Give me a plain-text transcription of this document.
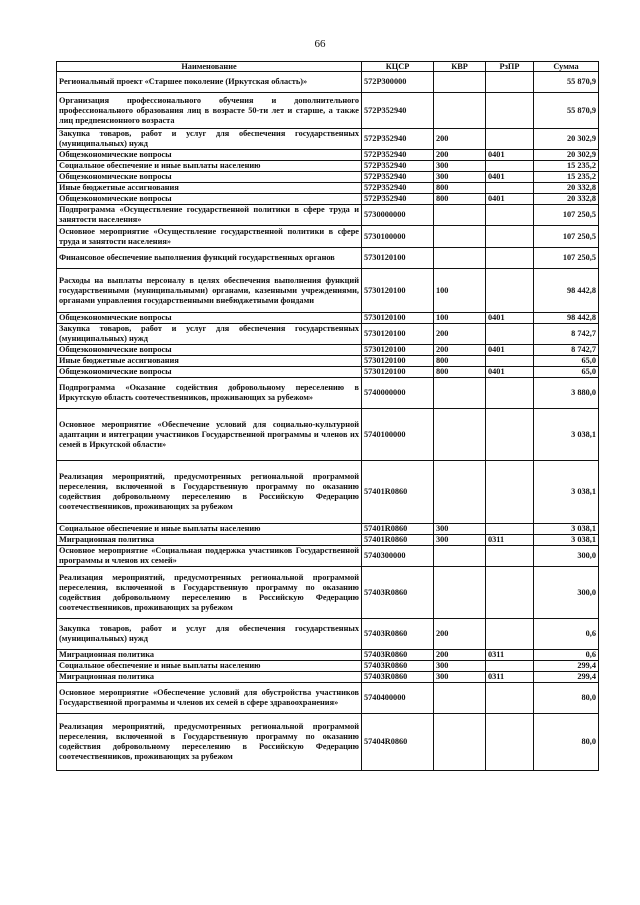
66
Наименование	КЦСР	КВР	РзПР	Сумма
Региональный проект «Старшее поколение (Иркутская область)»	572P300000			55 870,9
Организация профессионального обучения и дополнительного профессионального образования лиц в возрасте 50-ти лет и старше, а также лиц предпенсионного возраста	572P352940			55 870,9
Закупка товаров, работ и услуг для обеспечения государственных (муниципальных) нужд	572P352940	200		20 302,9
Общеэкономические вопросы	572P352940	200	0401	20 302,9
Социальное обеспечение и иные выплаты населению	572P352940	300		15 235,2
Общеэкономические вопросы	572P352940	300	0401	15 235,2
Иные бюджетные ассигнования	572P352940	800		20 332,8
Общеэкономические вопросы	572P352940	800	0401	20 332,8
Подпрограмма «Осуществление государственной политики в сфере труда и занятости населения»	5730000000			107 250,5
Основное мероприятие «Осуществление государственной политики в сфере труда и занятости населения»	5730100000			107 250,5
Финансовое обеспечение выполнения функций государственных органов	5730120100			107 250,5
Расходы на выплаты персоналу в целях обеспечения выполнения функций государственными (муниципальными) органами, казенными учреждениями, органами управления государственными внебюджетными фондами	5730120100	100		98 442,8
Общеэкономические вопросы	5730120100	100	0401	98 442,8
Закупка товаров, работ и услуг для обеспечения государственных (муниципальных) нужд	5730120100	200		8 742,7
Общеэкономические вопросы	5730120100	200	0401	8 742,7
Иные бюджетные ассигнования	5730120100	800		65,0
Общеэкономические вопросы	5730120100	800	0401	65,0
Подпрограмма «Оказание содействия добровольному переселению в Иркутскую область соотечественников, проживающих за рубежом»	5740000000			3 880,0
Основное мероприятие «Обеспечение условий для социально-культурной адаптации и интеграции участников Государственной программы и членов их семей в Иркутской области»	5740100000			3 038,1
Реализация мероприятий, предусмотренных региональной программой переселения, включенной в Государственную программу по оказанию содействия добровольному переселению в Российскую Федерацию соотечественников, проживающих за рубежом	57401R0860			3 038,1
Социальное обеспечение и иные выплаты населению	57401R0860	300		3 038,1
Миграционная политика	57401R0860	300	0311	3 038,1
Основное мероприятие «Социальная поддержка участников Государственной программы и членов их семей»	5740300000			300,0
Реализация мероприятий, предусмотренных региональной программой переселения, включенной в Государственную программу по оказанию содействия добровольному переселению в Российскую Федерацию соотечественников, проживающих за рубежом	57403R0860			300,0
Закупка товаров, работ и услуг для обеспечения государственных (муниципальных) нужд	57403R0860	200		0,6
Миграционная политика	57403R0860	200	0311	0,6
Социальное обеспечение и иные выплаты населению	57403R0860	300		299,4
Миграционная политика	57403R0860	300	0311	299,4
Основное мероприятие «Обеспечение условий для обустройства участников Государственной программы и членов их семей в сфере здравоохранения»	5740400000			80,0
Реализация мероприятий, предусмотренных региональной программой переселения, включенной в Государственную программу по оказанию содействия добровольному переселению в Российскую Федерацию соотечественников, проживающих за рубежом	57404R0860			80,0
